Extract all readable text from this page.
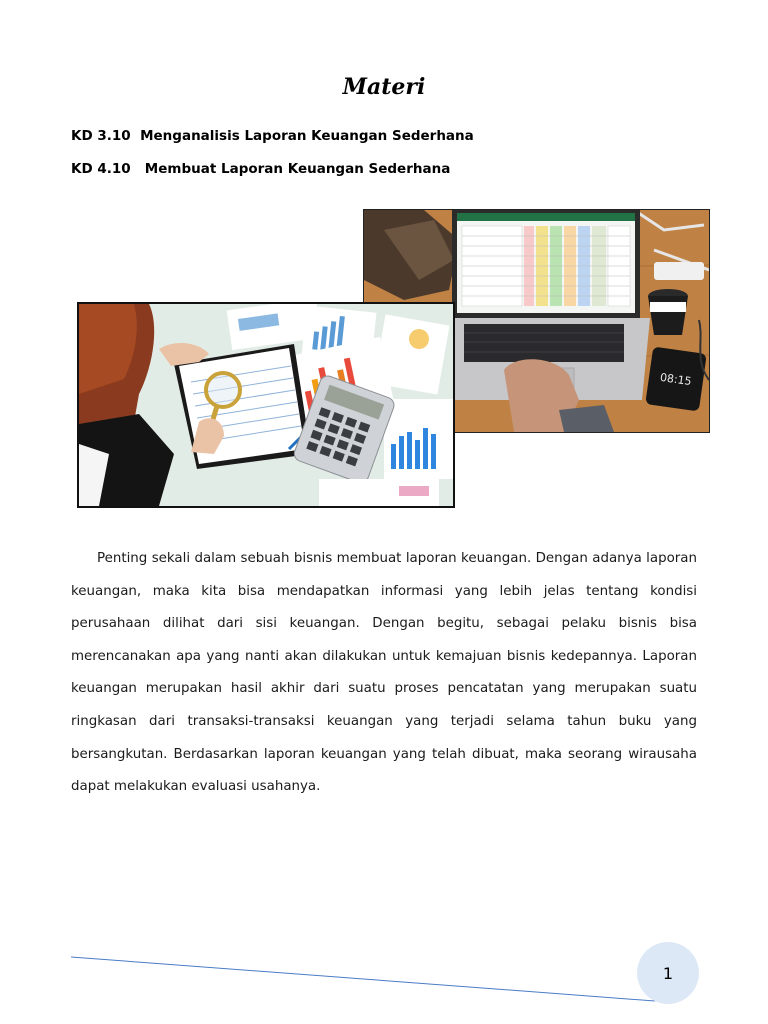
Materi
KD 3.10 Menganalisis Laporan Keuangan Sederhana
KD 4.10 Membuat Laporan Keuangan Sederhana
08:15

Penting sekali dalam sebuah bisnis membuat laporan keuangan. Dengan adanya laporan keuangan, maka kita bisa mendapatkan informasi yang lebih jelas tentang kondisi perusahaan dilihat dari sisi keuangan. Dengan begitu, sebagai pelaku bisnis bisa merencanakan apa yang nanti akan dilakukan untuk kemajuan bisnis kedepannya. Laporan keuangan merupakan hasil akhir dari suatu proses pencatatan yang merupakan suatu ringkasan dari transaksi-transaksi keuangan yang terjadi selama tahun buku yang bersangkutan. Berdasarkan laporan keuangan yang telah dibuat, maka seorang wirausaha dapat melakukan evaluasi usahanya.

1
